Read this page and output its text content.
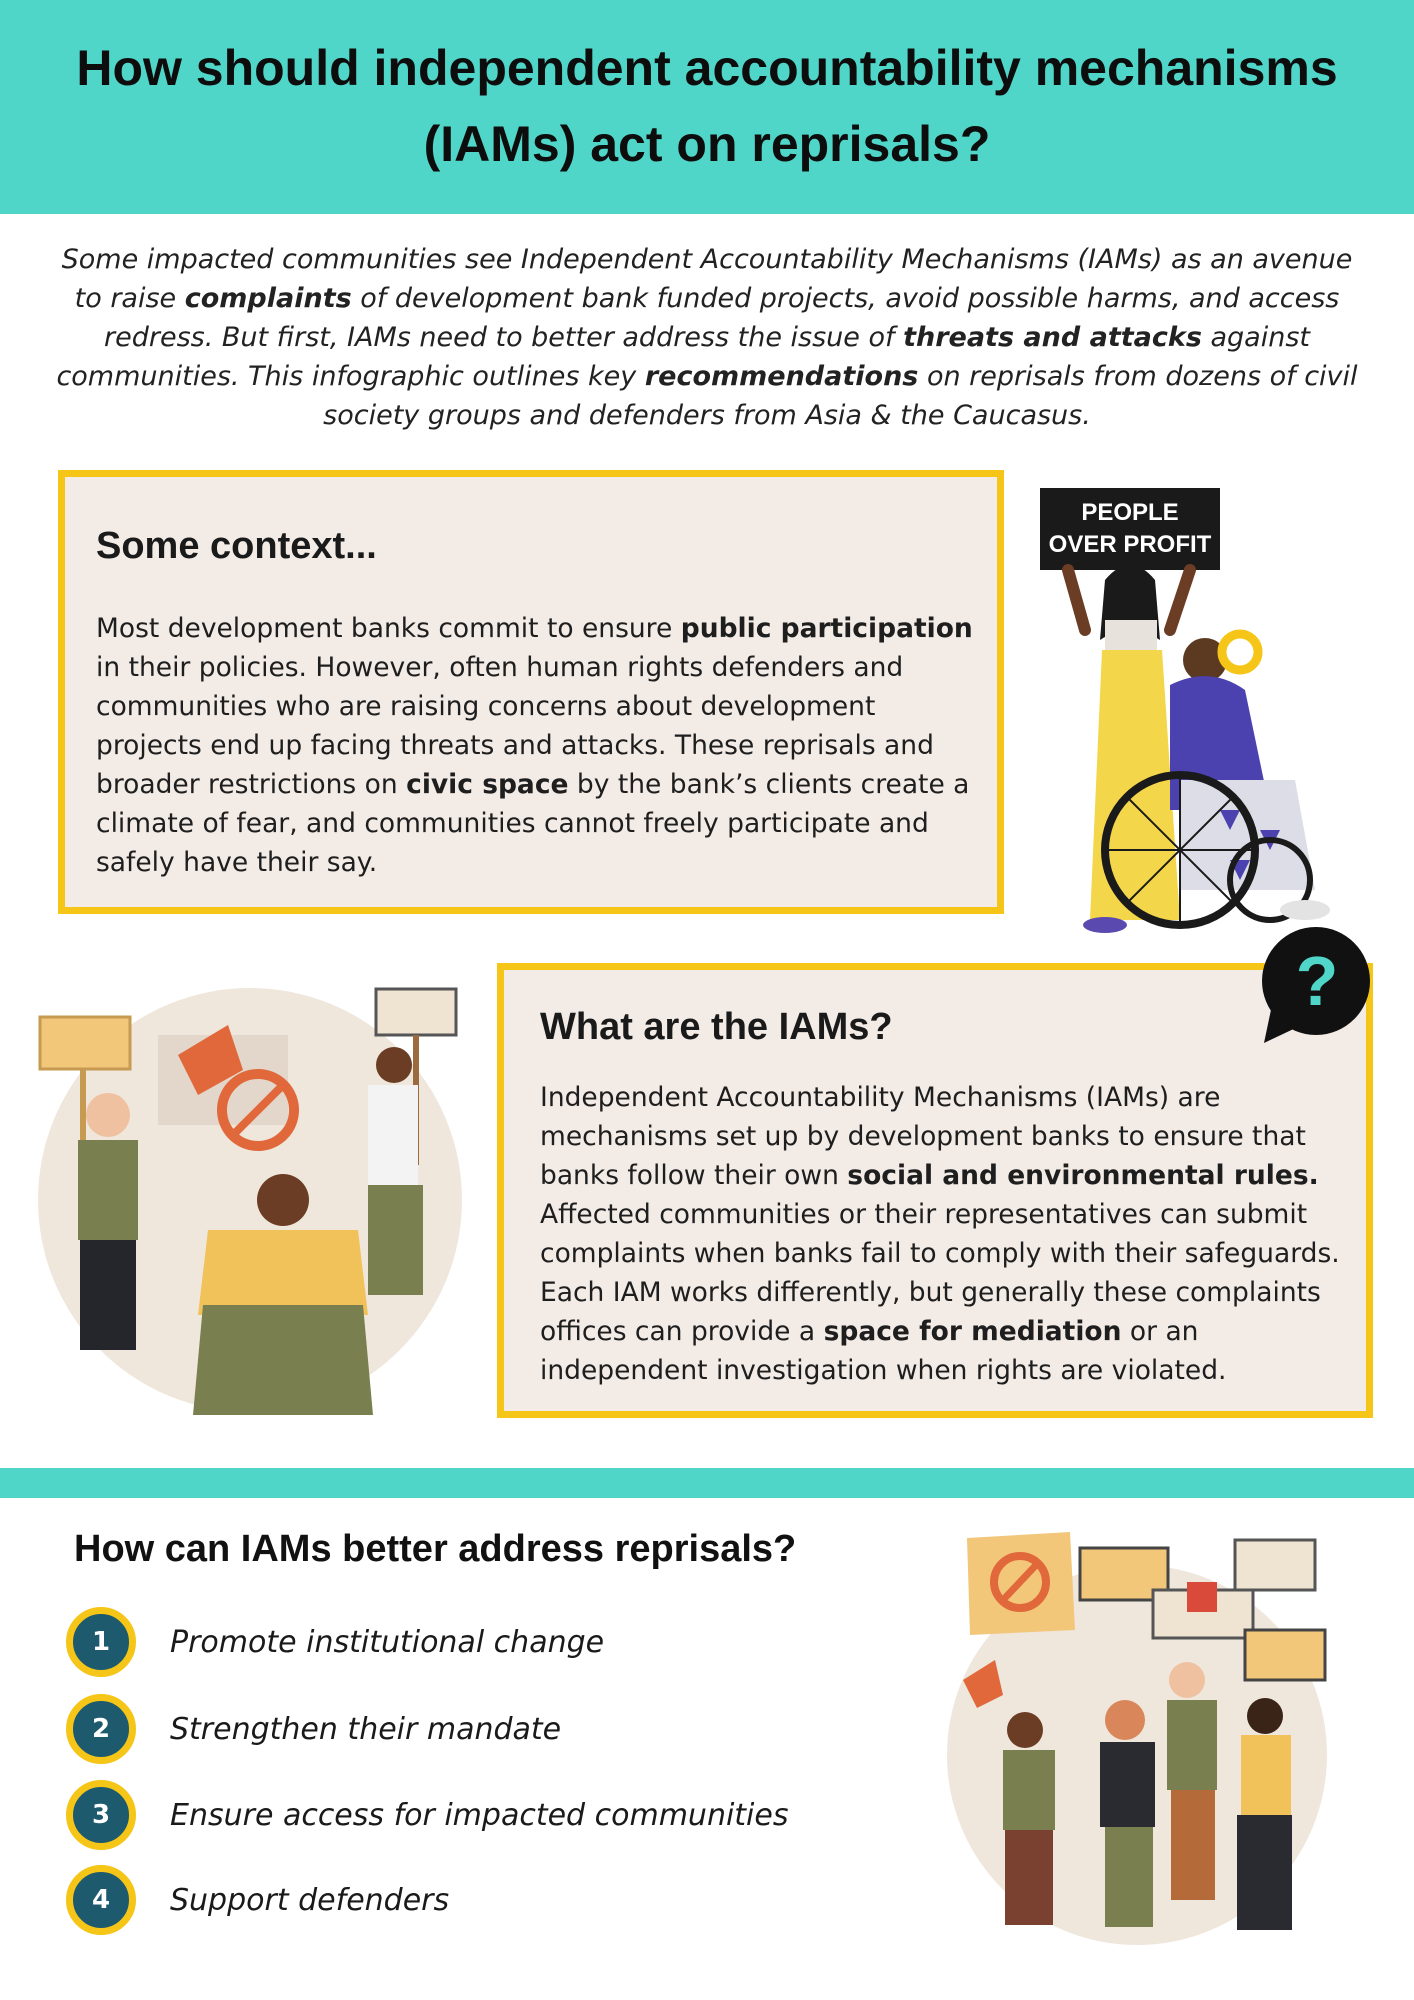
How should independent accountability mechanisms (IAMs) act on reprisals?

Some impacted communities see Independent Accountability Mechanisms (IAMs) as an avenue to raise complaints of development bank funded projects, avoid possible harms, and access redress. But first, IAMs need to better address the issue of threats and attacks against communities. This infographic outlines key recommendations on reprisals from dozens of civil society groups and defenders from Asia & the Caucasus.

Some context...

Most development banks commit to ensure public participation in their policies. However, often human rights defenders and communities who are raising concerns about development projects end up facing threats and attacks. These reprisals and broader restrictions on civic space by the bank’s clients create a climate of fear, and communities cannot freely participate and safely have their say.

PEOPLE
OVER PROFIT
What are the IAMs?

Independent Accountability Mechanisms (IAMs) are mechanisms set up by development banks to ensure that banks follow their own social and environmental rules. Affected communities or their representatives can submit complaints when banks fail to comply with their safeguards. Each IAM works differently, but generally these complaints offices can provide a space for mediation or an independent investigation when rights are violated.

?
How can IAMs better address reprisals?
1	Promote institutional change
2	Strengthen their mandate
3	Ensure access for impacted communities
4	Support defenders
